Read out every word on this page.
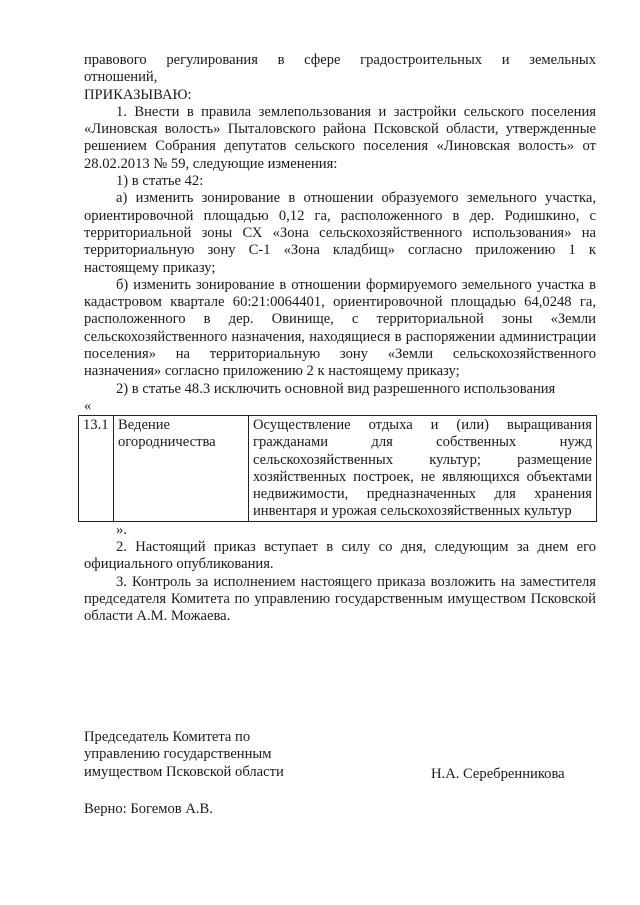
правового регулирования в сфере градостроительных и земельных

отношений,

ПРИКАЗЫВАЮ:

1. Внести в правила землепользования и застройки сельского поселения «Линовская волость» Пыталовского района Псковской области, утвержденные решением Собрания депутатов сельского поселения «Линовская волость» от 28.02.2013 № 59, следующие изменения:

1) в статье 42:

а) изменить зонирование в отношении образуемого земельного участка, ориентировочной площадью 0,12 га, расположенного в дер. Родишкино, с территориальной зоны СХ «Зона сельскохозяйственного использования» на территориальную зону С-1 «Зона кладбищ» согласно приложению 1 к настоящему приказу;

б) изменить зонирование в отношении формируемого земельного участка в кадастровом квартале 60:21:0064401, ориентировочной площадью 64,0248 га, расположенного в дер. Овинище, с территориальной зоны «Земли сельскохозяйственного назначения, находящиеся в распоряжении администрации поселения» на территориальную зону «Земли сельскохозяйственного назначения» согласно приложению 2 к настоящему приказу;

2) в статье 48.3 исключить основной вид разрешенного использования

«

13.1	Ведение огородничества	Осуществление отдыха и (или) выращивания гражданами для собственных нужд сельскохозяйственных культур; размещение хозяйственных построек, не являющихся объектами недвижимости, предназначенных для хранения инвентаря и урожая сельскохозяйственных культур

».

2. Настоящий приказ вступает в силу со дня, следующим за днем его официального опубликования.

3. Контроль за исполнением настоящего приказа возложить на заместителя председателя Комитета по управлению государственным имуществом Псковской области А.М. Можаева.

Председатель Комитета по

управлению государственным

имуществом Псковской области	Н.А. Серебренникова

Верно: Богемов А.В.
